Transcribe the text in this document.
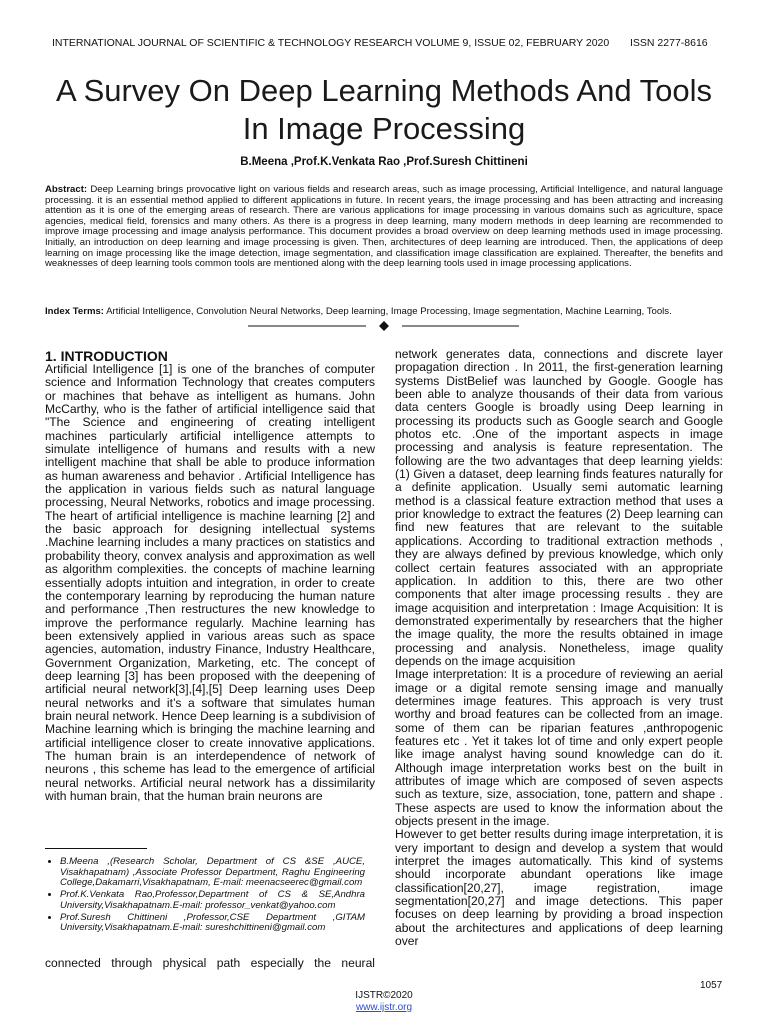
INTERNATIONAL JOURNAL OF SCIENTIFIC & TECHNOLOGY RESEARCH VOLUME 9, ISSUE 02, FEBRUARY 2020 ISSN 2277-8616
A Survey On Deep Learning Methods And Tools
In Image Processing
B.Meena ,Prof.K.Venkata Rao ,Prof.Suresh Chittineni
Abstract: Deep Learning brings provocative light on various fields and research areas, such as image processing, Artificial Intelligence, and natural language processing. it is an essential method applied to different applications in future. In recent years, the image processing and has been attracting and increasing attention as it is one of the emerging areas of research. There are various applications for image processing in various domains such as agriculture, space agencies, medical field, forensics and many others. As there is a progress in deep learning, many modern methods in deep learning are recommended to improve image processing and image analysis performance. This document provides a broad overview on deep learning methods used in image processing. Initially, an introduction on deep learning and image processing is given. Then, architectures of deep learning are introduced. Then, the applications of deep learning on image processing like the image detection, image segmentation, and classification image classification are explained. Thereafter, the benefits and weaknesses of deep learning tools common tools are mentioned along with the deep learning tools used in image processing applications.
Index Terms: Artificial Intelligence, Convolution Neural Networks, Deep learning, Image Processing, Image segmentation, Machine Learning, Tools.
1. INTRODUCTION

Artificial Intelligence [1] is one of the branches of computer science and Information Technology that creates computers or machines that behave as intelligent as humans. John McCarthy, who is the father of artificial intelligence said that "The Science and engineering of creating intelligent machines particularly artificial intelligence attempts to simulate intelligence of humans and results with a new intelligent machine that shall be able to produce information as human awareness and behavior . Artificial Intelligence has the application in various fields such as natural language processing, Neural Networks, robotics and image processing. The heart of artificial intelligence is machine learning [2] and the basic approach for designing intellectual systems .Machine learning includes a many practices on statistics and probability theory, convex analysis and approximation as well as algorithm complexities. the concepts of machine learning essentially adopts intuition and integration, in order to create the contemporary learning by reproducing the human nature and performance ,Then restructures the new knowledge to improve the performance regularly. Machine learning has been extensively applied in various areas such as space agencies, automation, industry Finance, Industry Healthcare, Government Organization, Marketing, etc. The concept of deep learning [3] has been proposed with the deepening of artificial neural network[3],[4],[5] Deep learning uses Deep neural networks and it’s a software that simulates human brain neural network. Hence Deep learning is a subdivision of Machine learning which is bringing the machine learning and artificial intelligence closer to create innovative applications. The human brain is an interdependence of network of neurons , this scheme has lead to the emergence of artificial neural networks. Artificial neural network has a dissimilarity with human brain, that the human brain neurons are

• B.Meena ,(Research Scholar, Department of CS &SE ,AUCE, Visakhapatnam) ,Associate Professor Department, Raghu Engineering College,Dakamarri,Visakhapatnam, E-mail: meenacseerec@gmail.com
• Prof.K.Venkata Rao,Professor,Department of CS & SE,Andhra University,Visakhapatnam.E-mail: professor_venkat@yahoo.com
• Prof.Suresh Chittineni ,Professor,CSE Department ,GITAM University,Visakhapatnam.E-mail: sureshchittineni@gmail.com
connected through physical path especially the neural

network generates data, connections and discrete layer propagation direction . In 2011, the first-generation learning systems DistBelief was launched by Google. Google has been able to analyze thousands of their data from various data centers Google is broadly using Deep learning in processing its products such as Google search and Google photos etc. .One of the important aspects in image processing and analysis is feature representation. The following are the two advantages that deep learning yields: (1) Given a dataset, deep learning finds features naturally for a definite application. Usually semi automatic learning method is a classical feature extraction method that uses a prior knowledge to extract the features (2) Deep learning can find new features that are relevant to the suitable applications. According to traditional extraction methods , they are always defined by previous knowledge, which only collect certain features associated with an appropriate application. In addition to this, there are two other components that alter image processing results . they are image acquisition and interpretation : Image Acquisition: It is demonstrated experimentally by researchers that the higher the image quality, the more the results obtained in image processing and analysis. Nonetheless, image quality depends on the image acquisition

Image interpretation: It is a procedure of reviewing an aerial image or a digital remote sensing image and manually determines image features. This approach is very trust worthy and broad features can be collected from an image. some of them can be riparian features ,anthropogenic features etc . Yet it takes lot of time and only expert people like image analyst having sound knowledge can do it. Although image interpretation works best on the built in attributes of image which are composed of seven aspects such as texture, size, association, tone, pattern and shape . These aspects are used to know the information about the objects present in the image.

However to get better results during image interpretation, it is very important to design and develop a system that would interpret the images automatically. This kind of systems should incorporate abundant operations like image classification[20,27], image registration, image segmentation[20,27] and image detections. This paper focuses on deep learning by providing a broad inspection about the architectures and applications of deep learning over

1057
IJSTR©2020
www.ijstr.org
